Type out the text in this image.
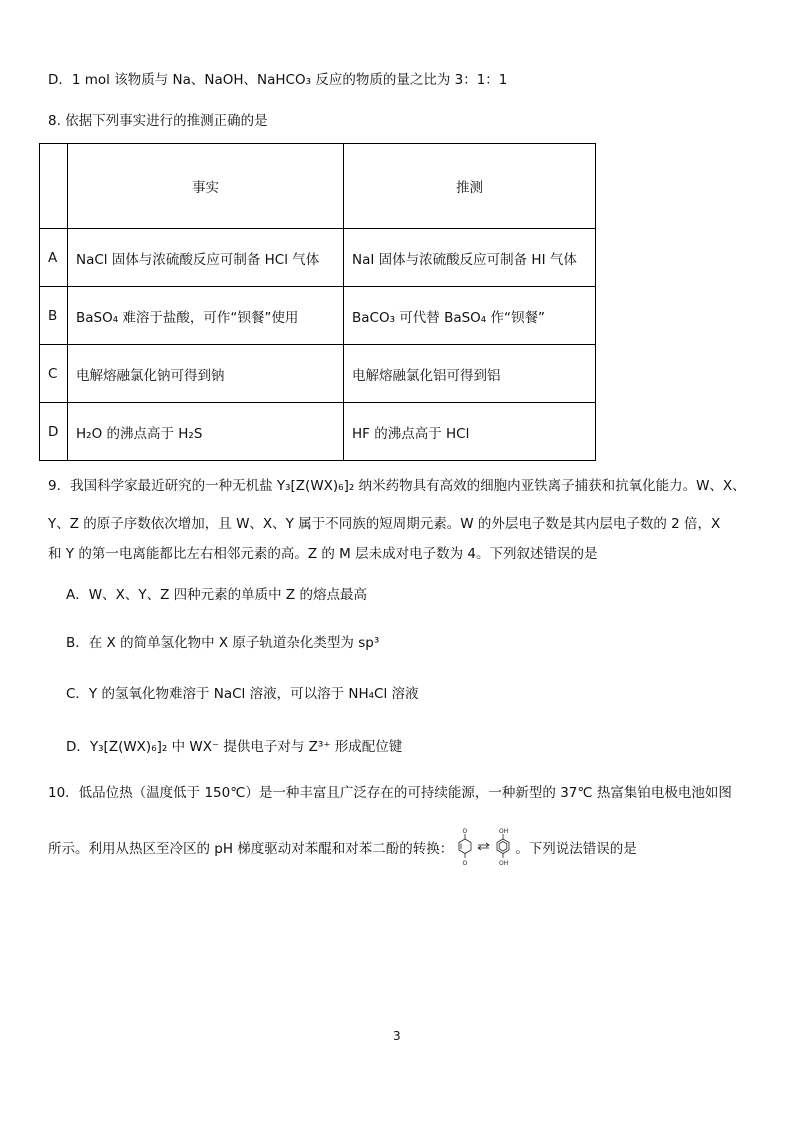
D．1 mol 该物质与 Na、NaOH、NaHCO₃ 反应的物质的量之比为 3：1：1
8. 依据下列事实进行的推测正确的是
	事实	推测
A	NaCl 固体与浓硫酸反应可制备 HCl 气体	NaI 固体与浓硫酸反应可制备 HI 气体
B	BaSO₄ 难溶于盐酸，可作“钡餐”使用	BaCO₃ 可代替 BaSO₄ 作“钡餐”
C	电解熔融氯化钠可得到钠	电解熔融氯化铝可得到铝
D	H₂O 的沸点高于 H₂S	HF 的沸点高于 HCl
9．我国科学家最近研究的一种无机盐 Y₃[Z(WX)₆]₂ 纳米药物具有高效的细胞内亚铁离子捕获和抗氧化能力。W、X、
Y、Z 的原子序数依次增加，且 W、X、Y 属于不同族的短周期元素。W 的外层电子数是其内层电子数的 2 倍，X
和 Y 的第一电离能都比左右相邻元素的高。Z 的 M 层未成对电子数为 4。下列叙述错误的是
A．W、X、Y、Z 四种元素的单质中 Z 的熔点最高
B．在 X 的简单氢化物中 X 原子轨道杂化类型为 sp³
C．Y 的氢氧化物难溶于 NaCl 溶液，可以溶于 NH₄Cl 溶液
D．Y₃[Z(WX)₆]₂ 中 WX⁻ 提供电子对与 Z³⁺ 形成配位键
10．低品位热（温度低于 150℃）是一种丰富且广泛存在的可持续能源，一种新型的 37℃ 热富集铂电极电池如图
所示。利用从热区至冷区的 pH 梯度驱动对苯醌和对苯二酚的转换：
O
O
OH
OH
。下列说法错误的是
3
